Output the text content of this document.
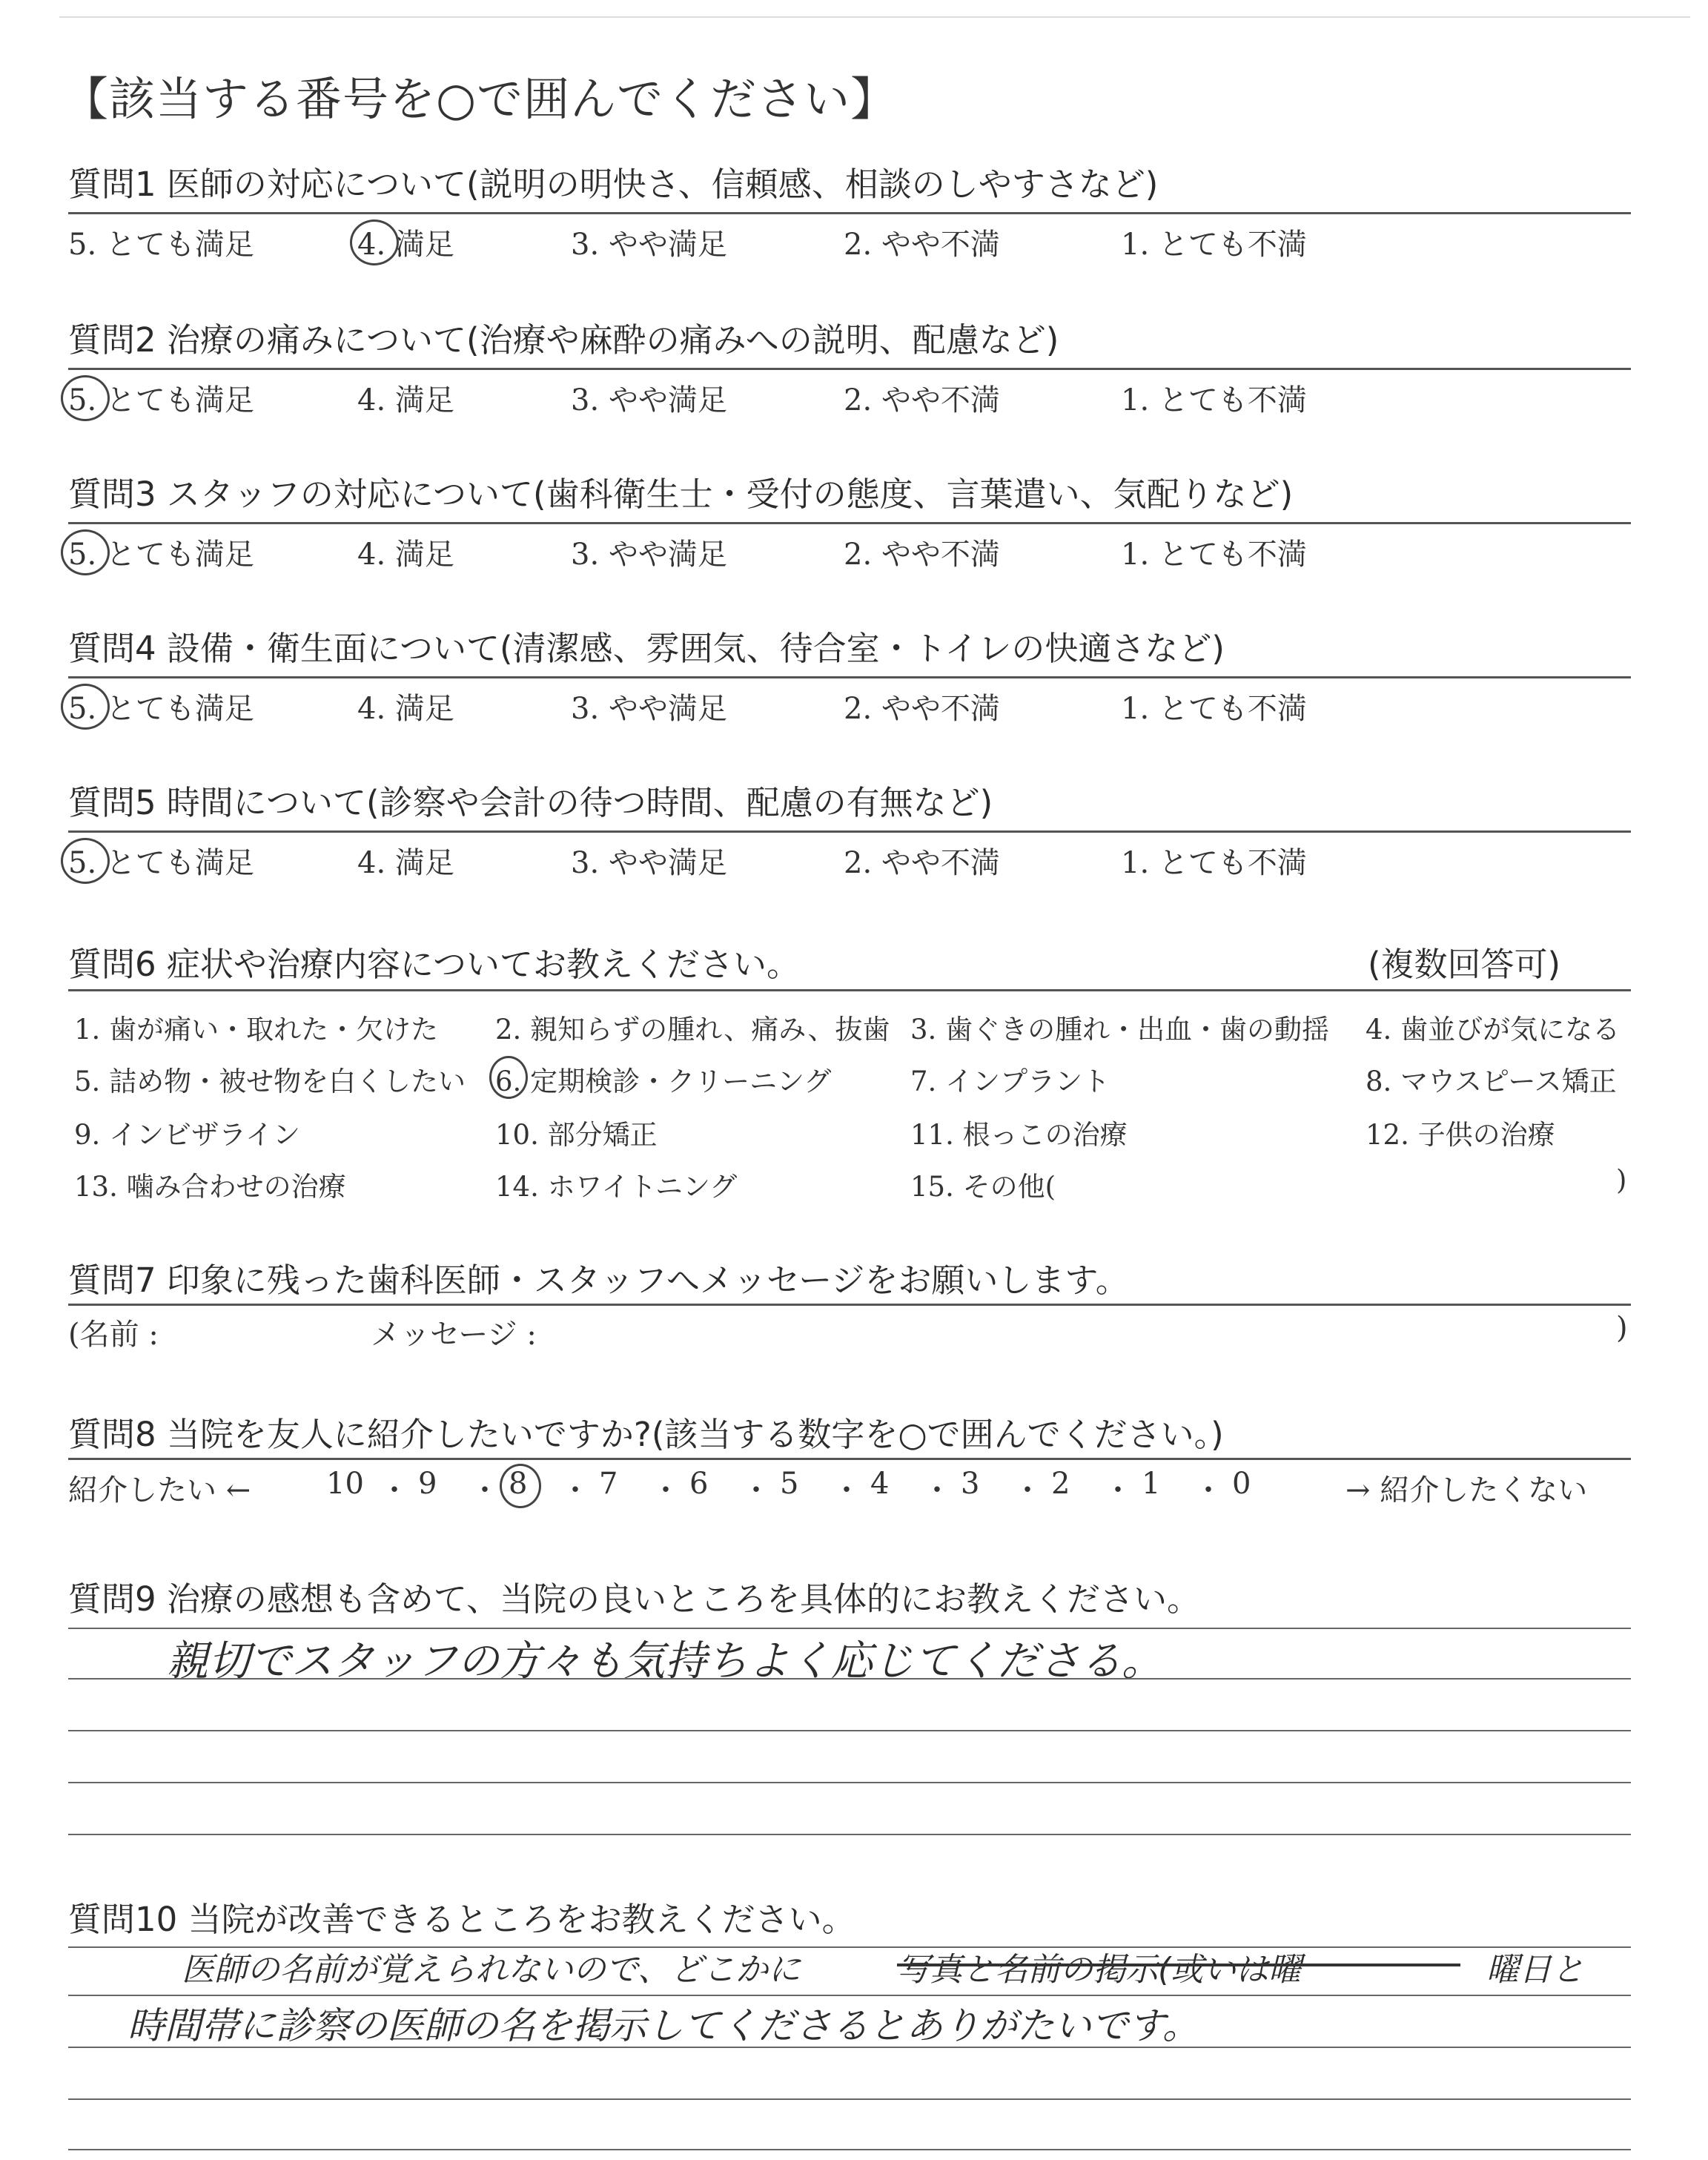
【該当する番号を○で囲んでください】
質問1 医師の対応について(説明の明快さ、信頼感、相談のしやすさなど)
5. とても満足	4. 満足	3. やや満足	2. やや不満	1. とても不満
質問2 治療の痛みについて(治療や麻酔の痛みへの説明、配慮など)
5. とても満足	4. 満足	3. やや満足	2. やや不満	1. とても不満
質問3 スタッフの対応について(歯科衛生士・受付の態度、言葉遣い、気配りなど)
5. とても満足	4. 満足	3. やや満足	2. やや不満	1. とても不満
質問4 設備・衛生面について(清潔感、雰囲気、待合室・トイレの快適さなど)
5. とても満足	4. 満足	3. やや満足	2. やや不満	1. とても不満
質問5 時間について(診察や会計の待つ時間、配慮の有無など)
5. とても満足	4. 満足	3. やや満足	2. やや不満	1. とても不満
質問6 症状や治療内容についてお教えください。	(複数回答可)
1. 歯が痛い・取れた・欠けた 2. 親知らずの腫れ、痛み、抜歯 3. 歯ぐきの腫れ・出血・歯の動揺 4. 歯並びが気になる
5. 詰め物・被せ物を白くしたい 6. 定期検診・クリーニング	7. インプラント	8. マウスピース矯正
9. インビザライン	10. 部分矯正	11. 根っこの治療	12. 子供の治療
13. 噛み合わせの治療	14. ホワイトニング	15. その他(	)
質問7 印象に残った歯科医師・スタッフへメッセージをお願いします。
(名前 :	メッセージ :	)
質問8 当院を友人に紹介したいですか?(該当する数字を○で囲んでください。)
紹介したい ←	→ 紹介したくない
10 ・ 9 ・ 8 ・ 7 ・ 6 ・ 5 ・ 4 ・ 3 ・ 2 ・ 1 ・ 0
質問9 治療の感想も含めて、当院の良いところを具体的にお教えください。
親切でスタッフの方々も気持ちよく応じてくださる。
質問10 当院が改善できるところをお教えください。
医師の名前が覚えられないので、どこかに	写真と名前の掲示(或いは曜	曜日と
時間帯に診察の医師の名を掲示してくださるとありがたいです。
